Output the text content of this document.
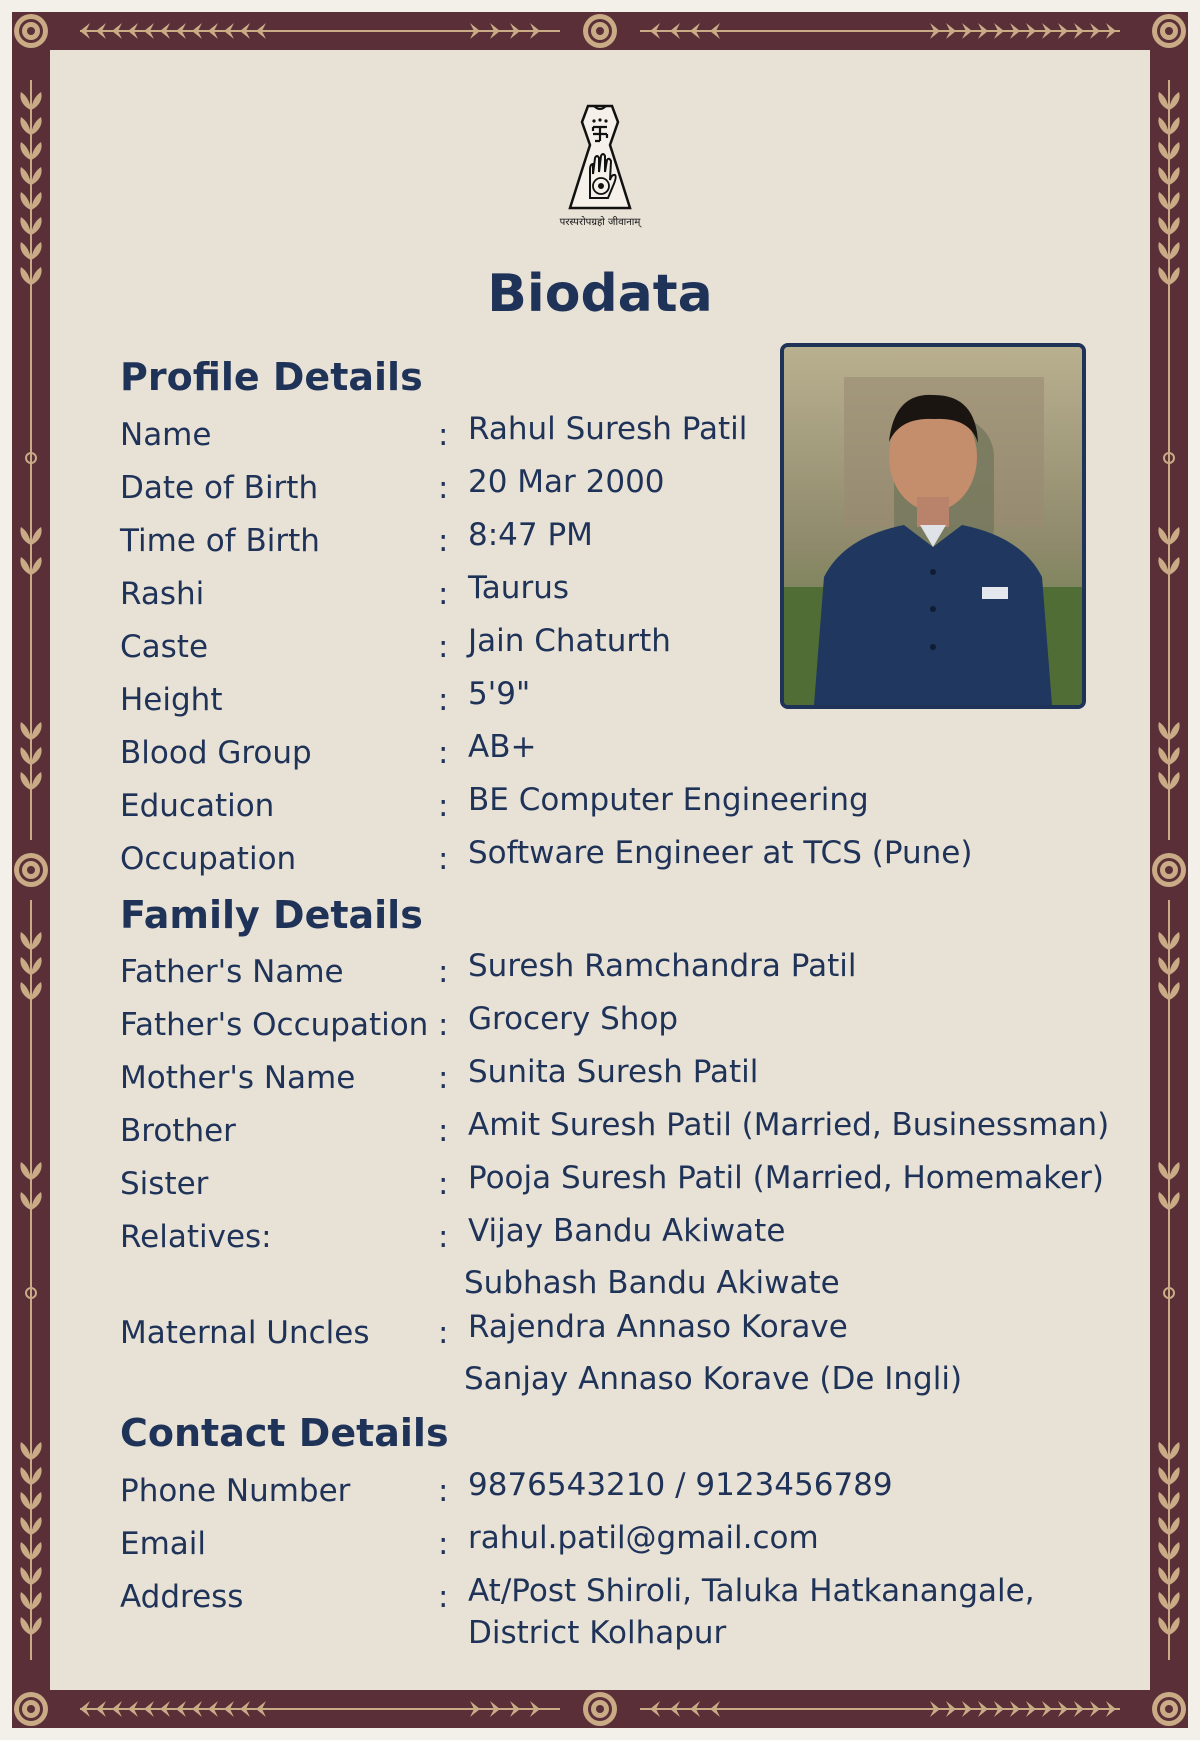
परस्परोपग्रहो जीवानाम्
Biodata
Profile Details
Name	: Rahul Suresh Patil
Date of Birth	: 20 Mar 2000
Time of Birth	: 8:47 PM
Rashi	: Taurus
Caste	: Jain Chaturth
Height	: 5'9"
Blood Group	: AB+
Education	: BE Computer Engineering
Occupation	: Software Engineer at TCS (Pune)
Family Details
Father's Name	: Suresh Ramchandra Patil
Father's Occupation : Grocery Shop
Mother's Name	: Sunita Suresh Patil
Brother	: Amit Suresh Patil (Married, Businessman)
Sister	: Pooja Suresh Patil (Married, Homemaker)
Relatives:	: Vijay Bandu Akiwate
Subhash Bandu Akiwate
Maternal Uncles : Rajendra Annaso Korave
Sanjay Annaso Korave (De Ingli)
Contact Details
Phone Number	: 9876543210 / 9123456789
Email	: rahul.patil@gmail.com
Address	: At/Post Shiroli, Taluka Hatkanangale,
District Kolhapur
